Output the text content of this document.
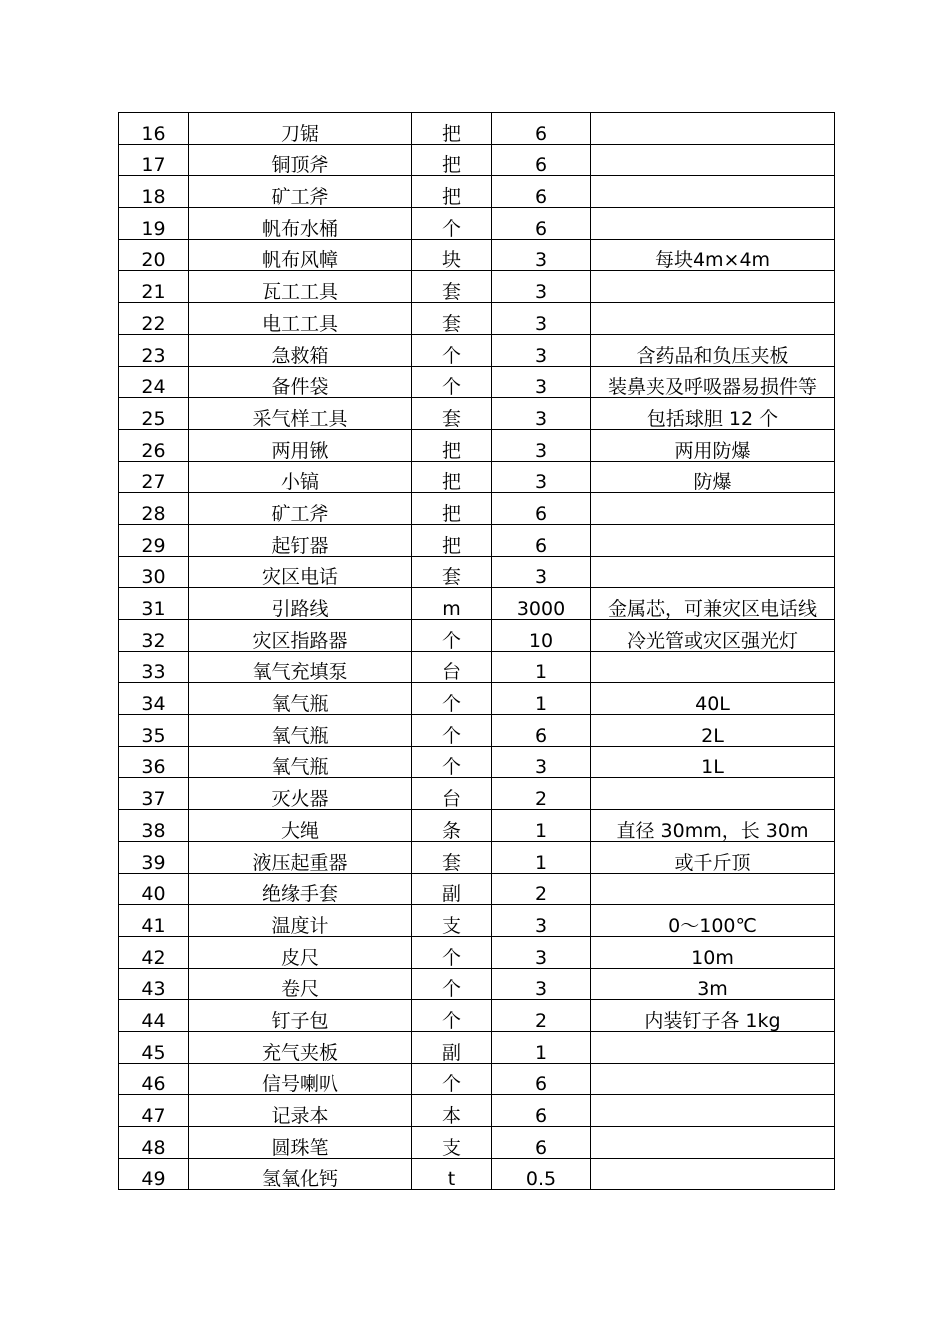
16	刀锯	把	6	
17	铜顶斧	把	6	
18	矿工斧	把	6	
19	帆布水桶	个	6	
20	帆布风幛	块	3	每块4m×4m
21	瓦工工具	套	3	
22	电工工具	套	3	
23	急救箱	个	3	含药品和负压夹板
24	备件袋	个	3	装鼻夹及呼吸器易损件等
25	采气样工具	套	3	包括球胆 12 个
26	两用锹	把	3	两用防爆
27	小镐	把	3	防爆
28	矿工斧	把	6	
29	起钉器	把	6	
30	灾区电话	套	3	
31	引路线	m	3000	金属芯，可兼灾区电话线
32	灾区指路器	个	10	冷光管或灾区强光灯
33	氧气充填泵	台	1	
34	氧气瓶	个	1	40L
35	氧气瓶	个	6	2L
36	氧气瓶	个	3	1L
37	灭火器	台	2	
38	大绳	条	1	直径 30mm，长 30m
39	液压起重器	套	1	或千斤顶
40	绝缘手套	副	2	
41	温度计	支	3	0～100℃
42	皮尺	个	3	10m
43	卷尺	个	3	3m
44	钉子包	个	2	内装钉子各 1kg
45	充气夹板	副	1	
46	信号喇叭	个	6	
47	记录本	本	6	
48	圆珠笔	支	6	
49	氢氧化钙	t	0.5	
